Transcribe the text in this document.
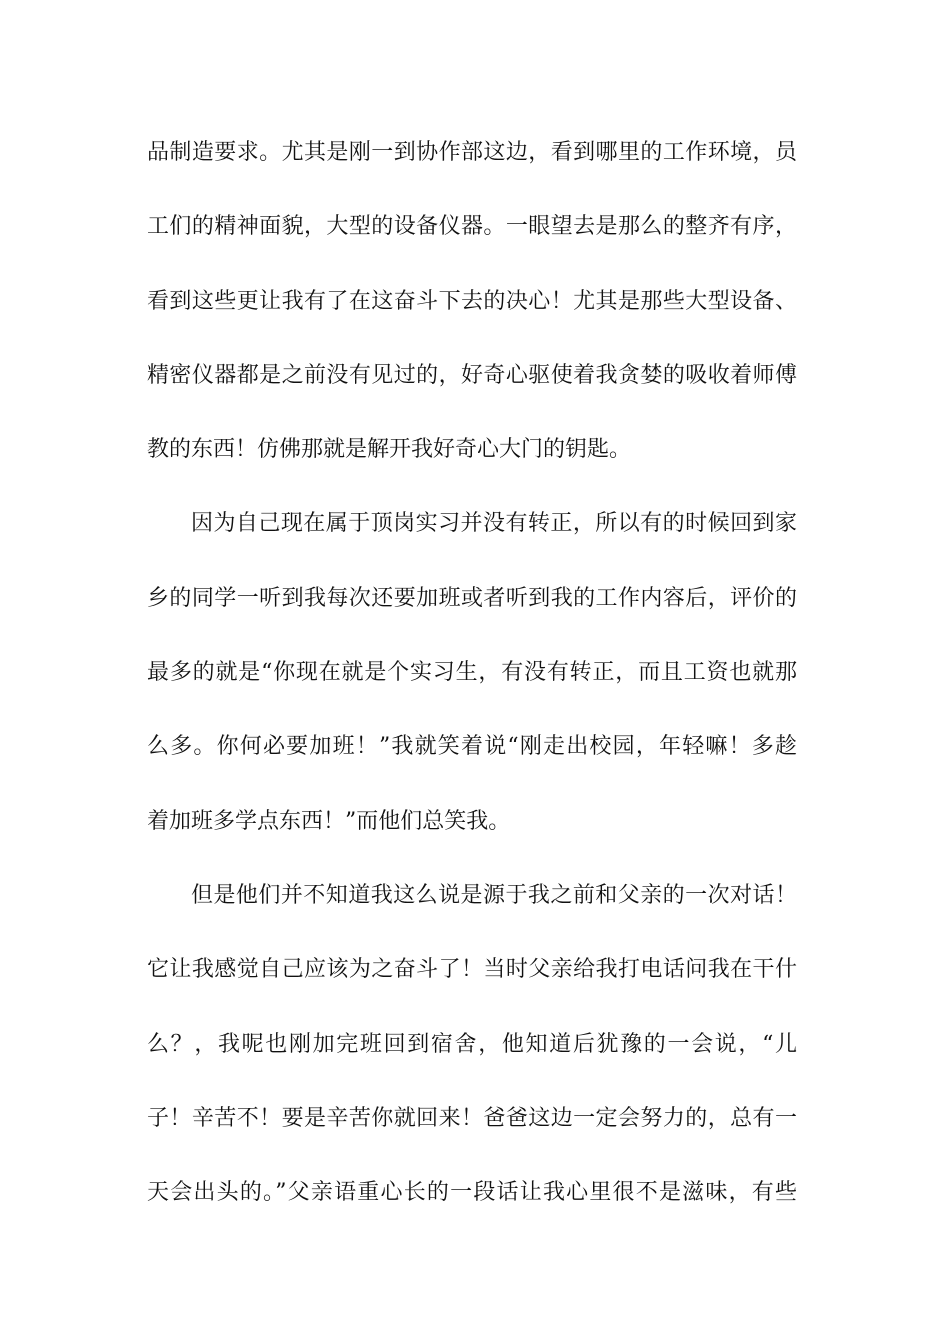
品制造要求。尤其是刚一到协作部这边，看到哪里的工作环境，员
工们的精神面貌，大型的设备仪器。一眼望去是那么的整齐有序，
看到这些更让我有了在这奋斗下去的决心！尤其是那些大型设备、
精密仪器都是之前没有见过的，好奇心驱使着我贪婪的吸收着师傅
教的东西！仿佛那就是解开我好奇心大门的钥匙。
因为自己现在属于顶岗实习并没有转正，所以有的时候回到家
乡的同学一听到我每次还要加班或者听到我的工作内容后，评价的
最多的就是“你现在就是个实习生，有没有转正，而且工资也就那
么多。你何必要加班！”我就笑着说“刚走出校园，年轻嘛！多趁
着加班多学点东西！”而他们总笑我。
但是他们并不知道我这么说是源于我之前和父亲的一次对话！
它让我感觉自己应该为之奋斗了！当时父亲给我打电话问我在干什
么？，我呢也刚加完班回到宿舍，他知道后犹豫的一会说，“儿
子！辛苦不！要是辛苦你就回来！爸爸这边一定会努力的，总有一
天会出头的。”父亲语重心长的一段话让我心里很不是滋味，有些
